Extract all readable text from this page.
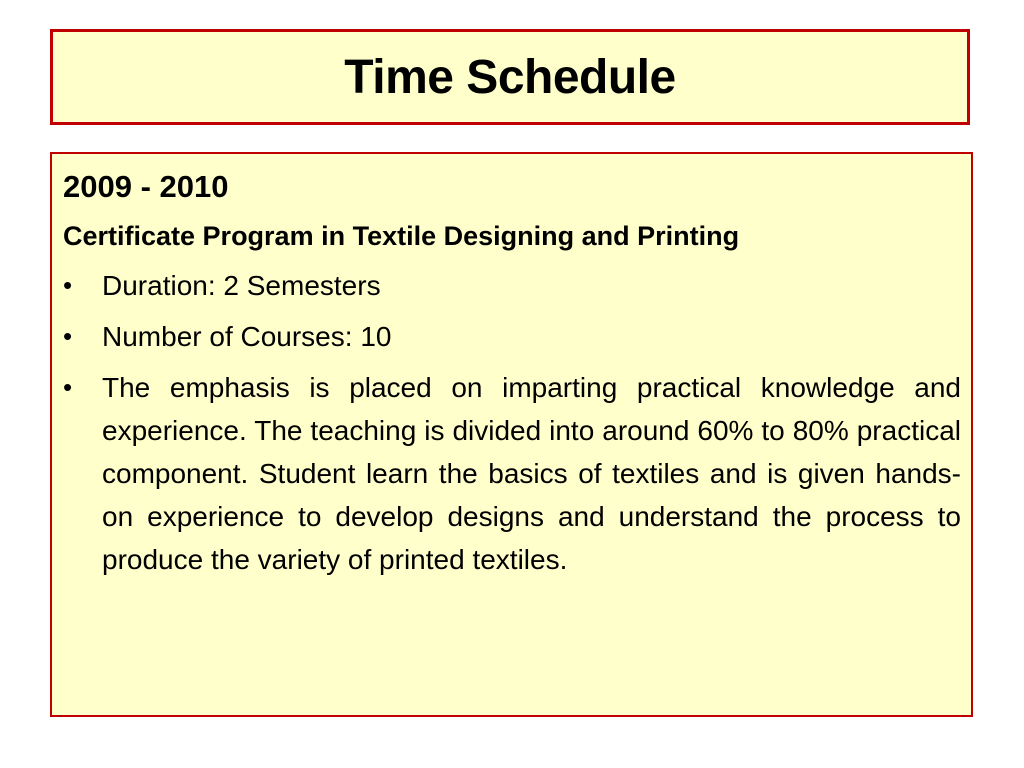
Time Schedule
2009 - 2010
Certificate Program in Textile Designing and Printing
•	Duration: 2 Semesters
•	Number of Courses: 10
•	The emphasis is placed on imparting practical knowledge and experience. The teaching is divided into around 60% to 80% practical component. Student learn the basics of textiles and is given hands-on experience to develop designs and understand the process to produce the variety of printed textiles.
